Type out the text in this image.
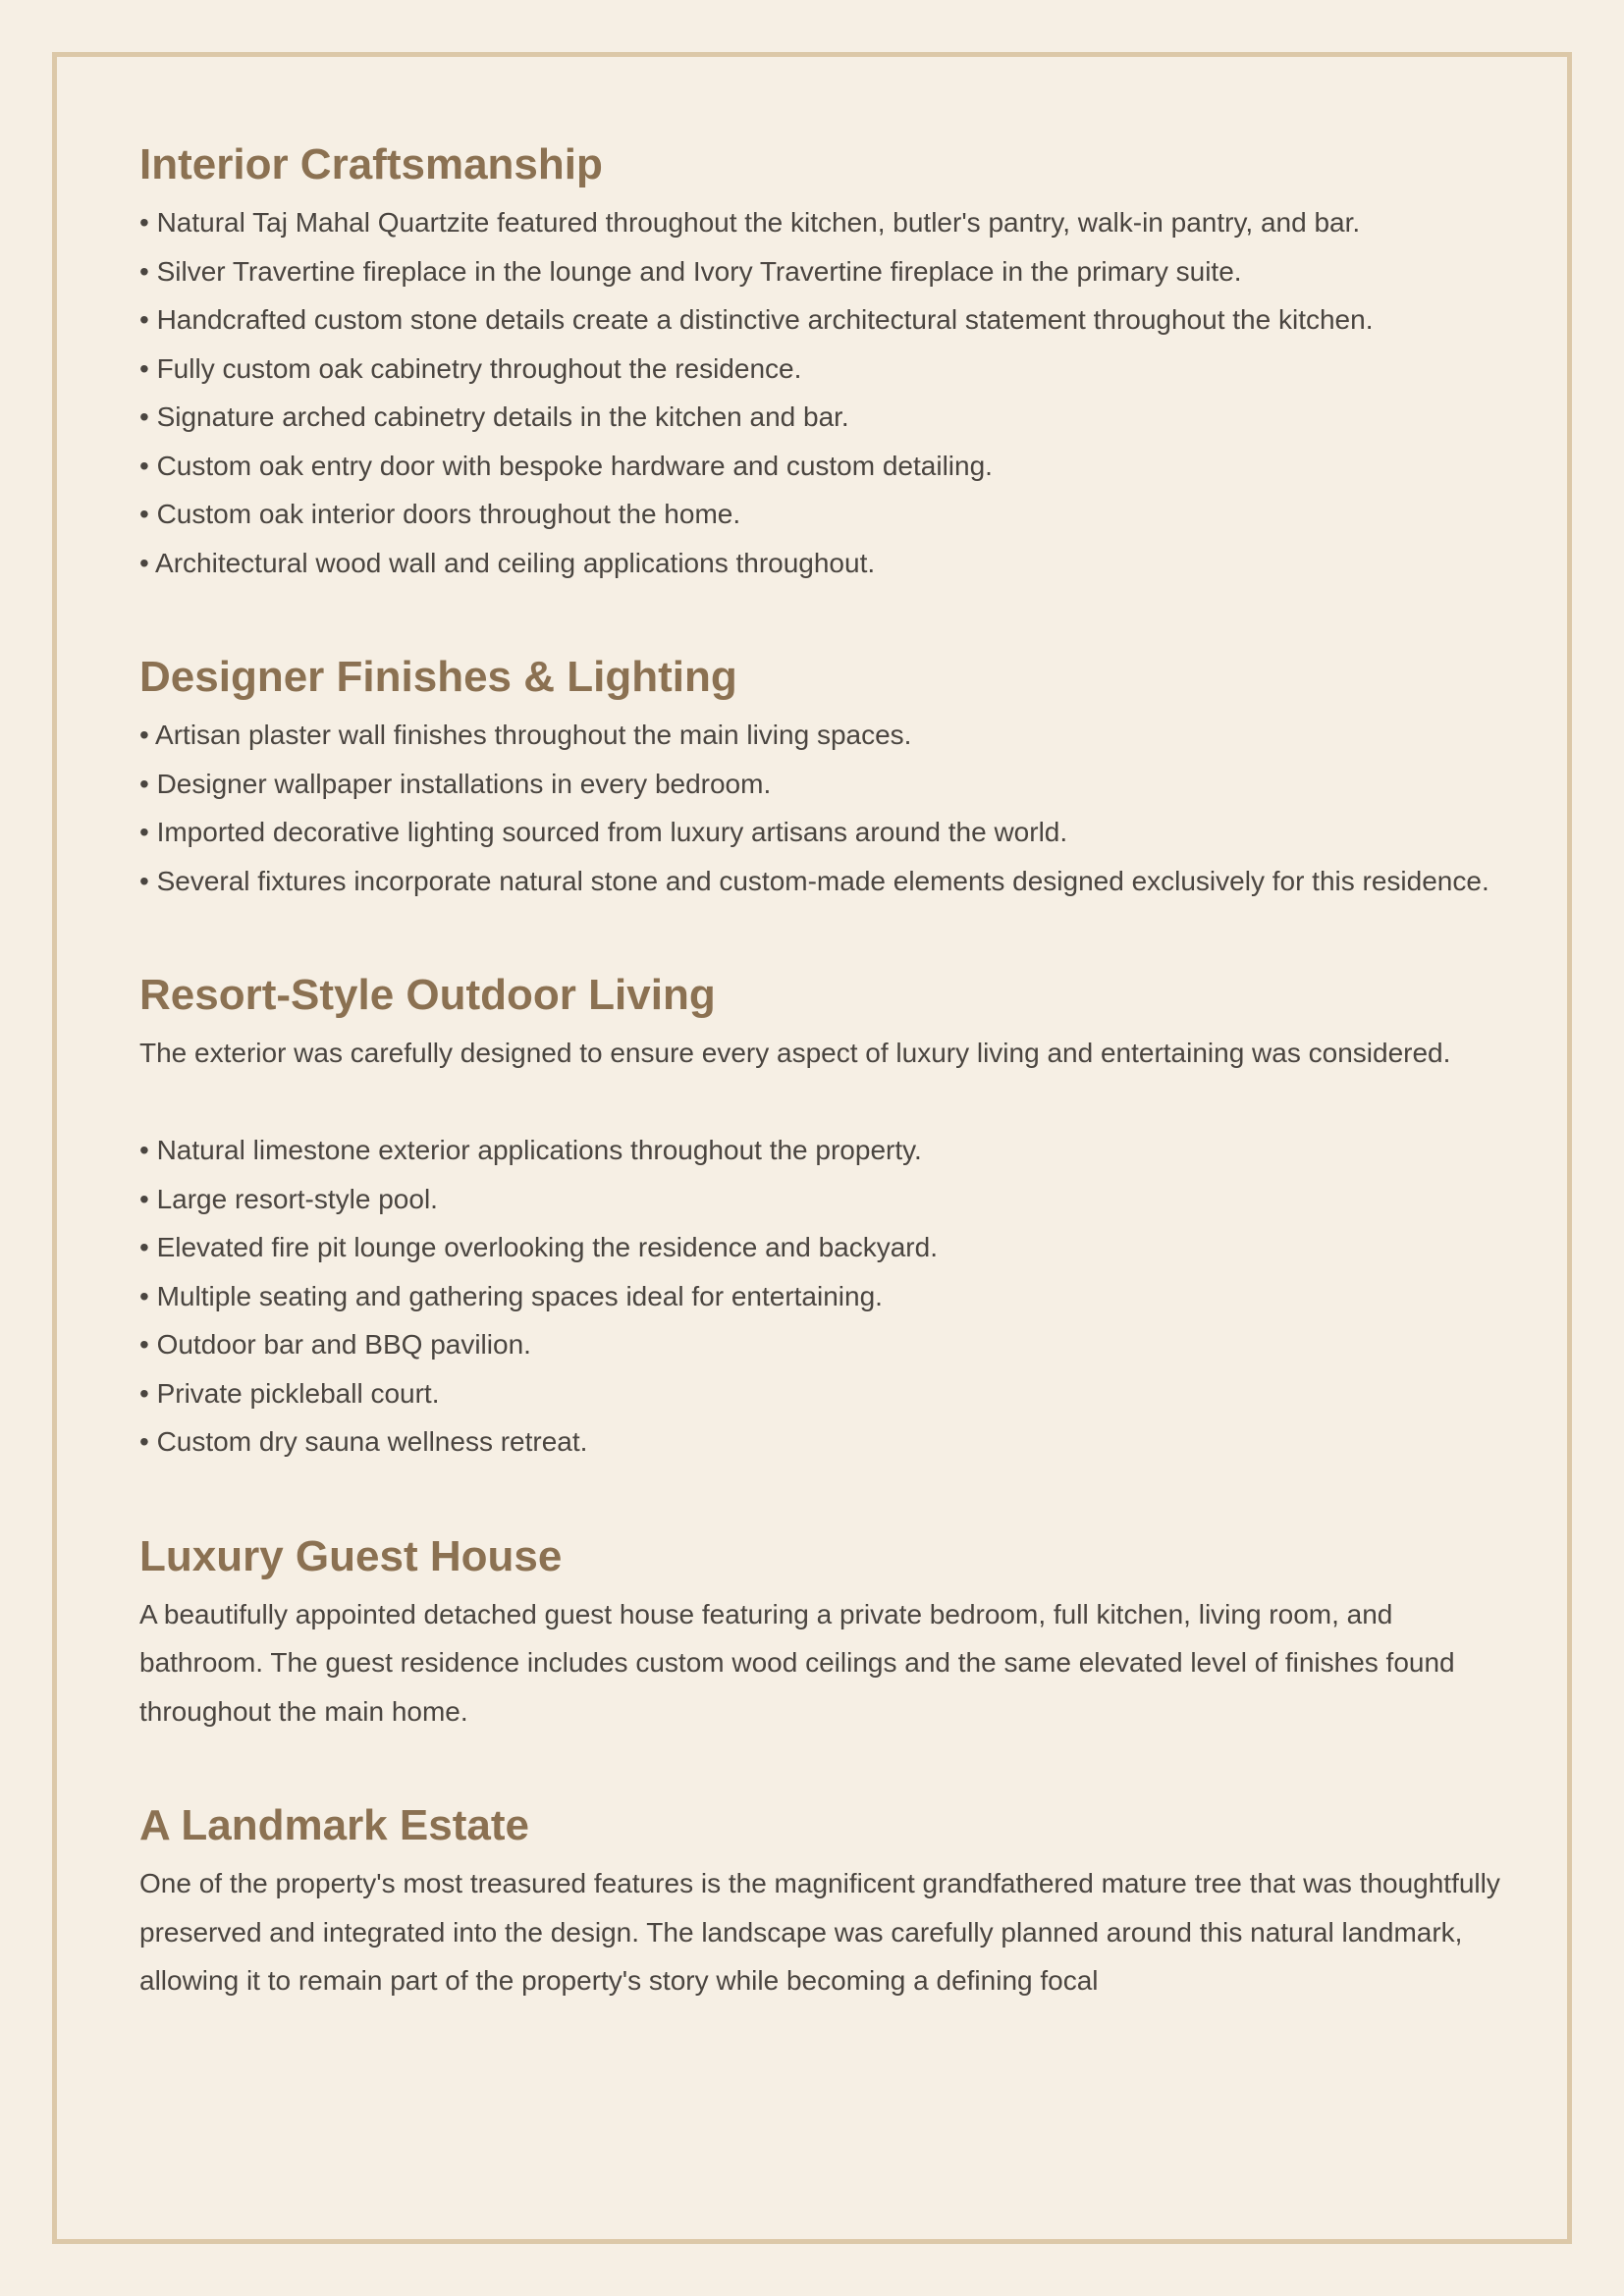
Interior Craftsmanship

• Natural Taj Mahal Quartzite featured throughout the kitchen, butler's pantry, walk-in pantry, and bar.

• Silver Travertine fireplace in the lounge and Ivory Travertine fireplace in the primary suite.

• Handcrafted custom stone details create a distinctive architectural statement throughout the kitchen.

• Fully custom oak cabinetry throughout the residence.

• Signature arched cabinetry details in the kitchen and bar.

• Custom oak entry door with bespoke hardware and custom detailing.

• Custom oak interior doors throughout the home.

• Architectural wood wall and ceiling applications throughout.

Designer Finishes & Lighting

• Artisan plaster wall finishes throughout the main living spaces.

• Designer wallpaper installations in every bedroom.

• Imported decorative lighting sourced from luxury artisans around the world.

• Several fixtures incorporate natural stone and custom-made elements designed exclusively for this residence.

Resort-Style Outdoor Living

The exterior was carefully designed to ensure every aspect of luxury living and entertaining was considered.

• Natural limestone exterior applications throughout the property.

• Large resort-style pool.

• Elevated fire pit lounge overlooking the residence and backyard.

• Multiple seating and gathering spaces ideal for entertaining.

• Outdoor bar and BBQ pavilion.

• Private pickleball court.

• Custom dry sauna wellness retreat.

Luxury Guest House

A beautifully appointed detached guest house featuring a private bedroom, full kitchen, living room, and bathroom. The guest residence includes custom wood ceilings and the same elevated level of finishes found throughout the main home.

A Landmark Estate

One of the property's most treasured features is the magnificent grandfathered mature tree that was thoughtfully preserved and integrated into the design. The landscape was carefully planned around this natural landmark, allowing it to remain part of the property's story while becoming a defining focal
